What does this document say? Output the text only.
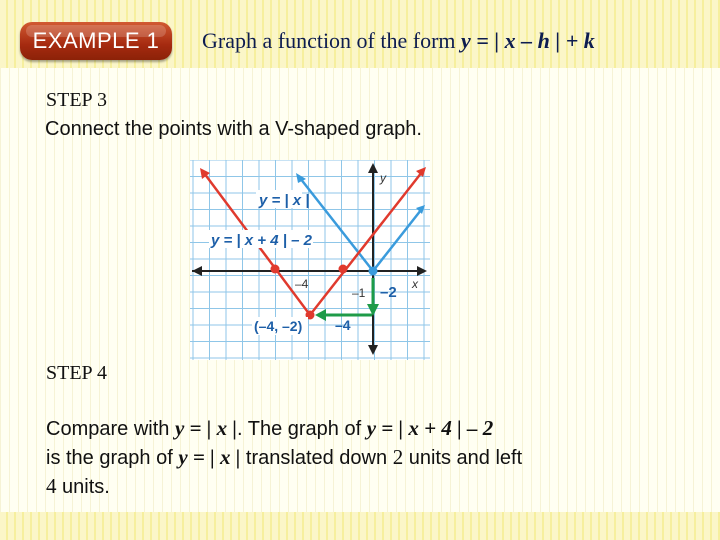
EXAMPLE 1	Graph a function of the form y = | x – h | + k
STEP 3
Connect the points with a V-shaped graph.
y
x
y = | x |
y = | x + 4 | – 2
–4
(–4, –2) –4
–1 –2
STEP 4
Compare with y = | x |. The graph of y = | x + 4 | – 2
is the graph of y = | x | translated down 2 units and left
4 units.
